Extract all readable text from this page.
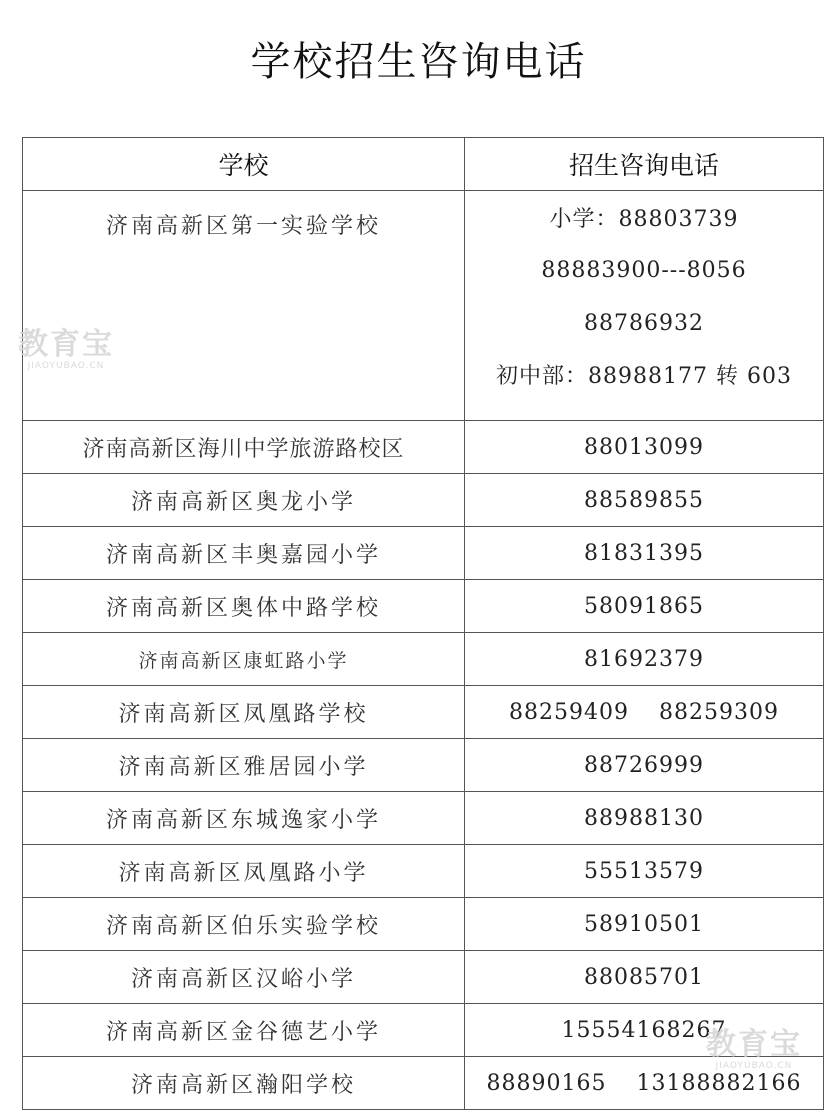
学校招生咨询电话
学校	招生咨询电话
济南高新区第一实验学校	小学：88803739
88883900---8056
88786932
初中部：88988177 转 603

济南高新区海川中学旅游路校区	88013099
济南高新区奥龙小学	88589855
济南高新区丰奥嘉园小学	81831395
济南高新区奥体中路学校	58091865
济南高新区康虹路小学	81692379
济南高新区凤凰路学校	88259409 88259309
济南高新区雅居园小学	88726999
济南高新区东城逸家小学	88988130
济南高新区凤凰路小学	55513579
济南高新区伯乐实验学校	58910501
济南高新区汉峪小学	88085701
济南高新区金谷德艺小学	15554168267
济南高新区瀚阳学校	88890165 13188882166
教育宝
JIAOYUBAO.CN
教育宝
JIAOYUBAO.CN
